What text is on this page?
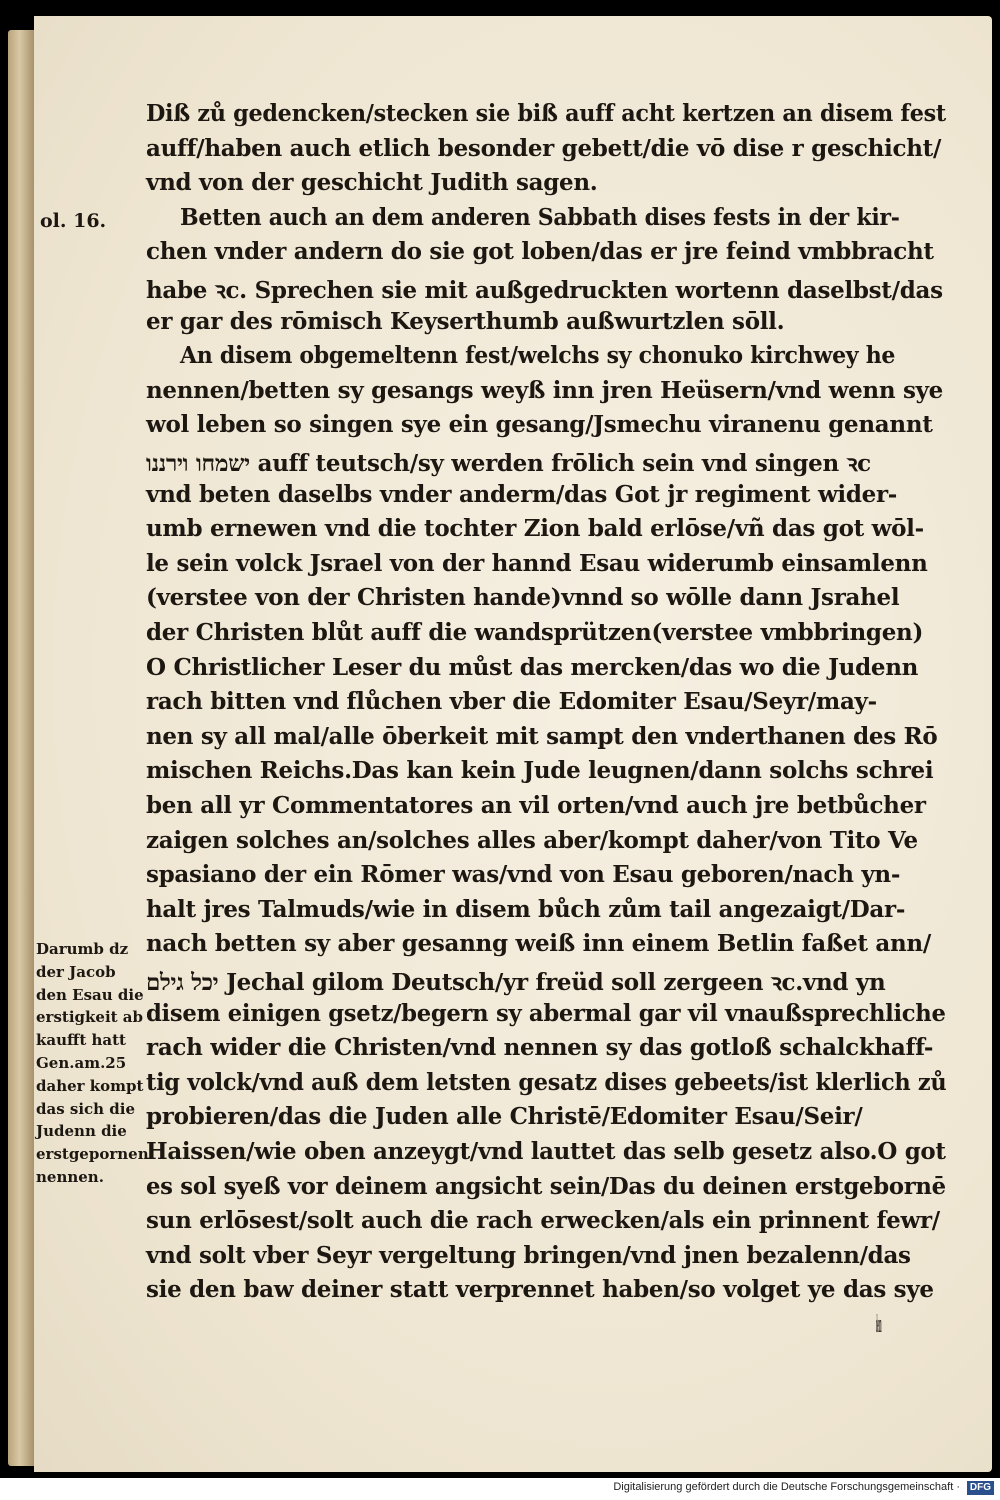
ol. 16.
Diß zů gedencken/stecken sie biß auff acht kertzen an disem fest
auff/haben auch etlich besonder gebett/die vō dise r geschicht/
vnd von der geschicht Judith sagen.
Betten auch an dem anderen Sabbath dises fests in der kir-
chen vnder andern do sie got loben/das er jre feind vmbbracht
habe ꝛc. Sprechen sie mit außgedruckten wortenn daselbst/das
er gar des rōmisch Keyserthumb außwurtzlen sōll.
An disem obgemeltenn fest/welchs sy chonuko kirchwey he
nennen/betten sy gesangs weyß inn jren Heüsern/vnd wenn sye
wol leben so singen sye ein gesang/Jsmechu viranenu genannt
ישמחו וירננו auff teutsch/sy werden frōlich sein vnd singen ꝛc
vnd beten daselbs vnder anderm/das Got jr regiment wider-
umb ernewen vnd die tochter Zion bald erlōse/vñ das got wōl-
le sein volck Jsrael von der hannd Esau widerumb einsamlenn
(verstee von der Christen hande)vnnd so wōlle dann Jsrahel
der Christen blůt auff die wandsprützen(verstee vmbbringen)
O Christlicher Leser du můst das mercken/das wo die Judenn
rach bitten vnd flůchen vber die Edomiter Esau/Seyr/may-
nen sy all mal/alle ōberkeit mit sampt den vnderthanen des Rō
mischen Reichs.Das kan kein Jude leugnen/dann solchs schrei
ben all yr Commentatores an vil orten/vnd auch jre betbůcher
zaigen solches an/solches alles aber/kompt daher/von Tito Ve
spasiano der ein Rōmer was/vnd von Esau geboren/nach yn-
halt jres Talmuds/wie in disem bůch zům tail angezaigt/Dar-
nach betten sy aber gesanng weiß inn einem Betlin faßet ann/
יכל גילם Jechal gilom Deutsch/yr freüd soll zergeen ꝛc.vnd yn
disem einigen gsetz/begern sy abermal gar vil vnaußsprechliche
rach wider die Christen/vnd nennen sy das gotloß schalckhaff-
tig volck/vnd auß dem letsten gesatz dises gebeets/ist klerlich zů
probieren/das die Juden alle Christē/Edomiter Esau/Seir/
Haissen/wie oben anzeygt/vnd lauttet das selb gesetz also.O got
es sol syeß vor deinem angsicht sein/Das du deinen erstgebornē
sun erlōsest/solt auch die rach erwecken/als ein prinnent fewr/
vnd solt vber Seyr vergeltung bringen/vnd jnen bezalenn/das
sie den baw deiner statt verprennet haben/so volget ye das sye
denn
Darumb dz
der Jacob
den Esau die
erstigkeit ab
kaufft hatt
Gen.am.25
daher kompt
das sich die
Judenn die
erstgepornen
nennen.
Digitalisierung gefördert durch die Deutsche Forschungsgemeinschaft · DFG
